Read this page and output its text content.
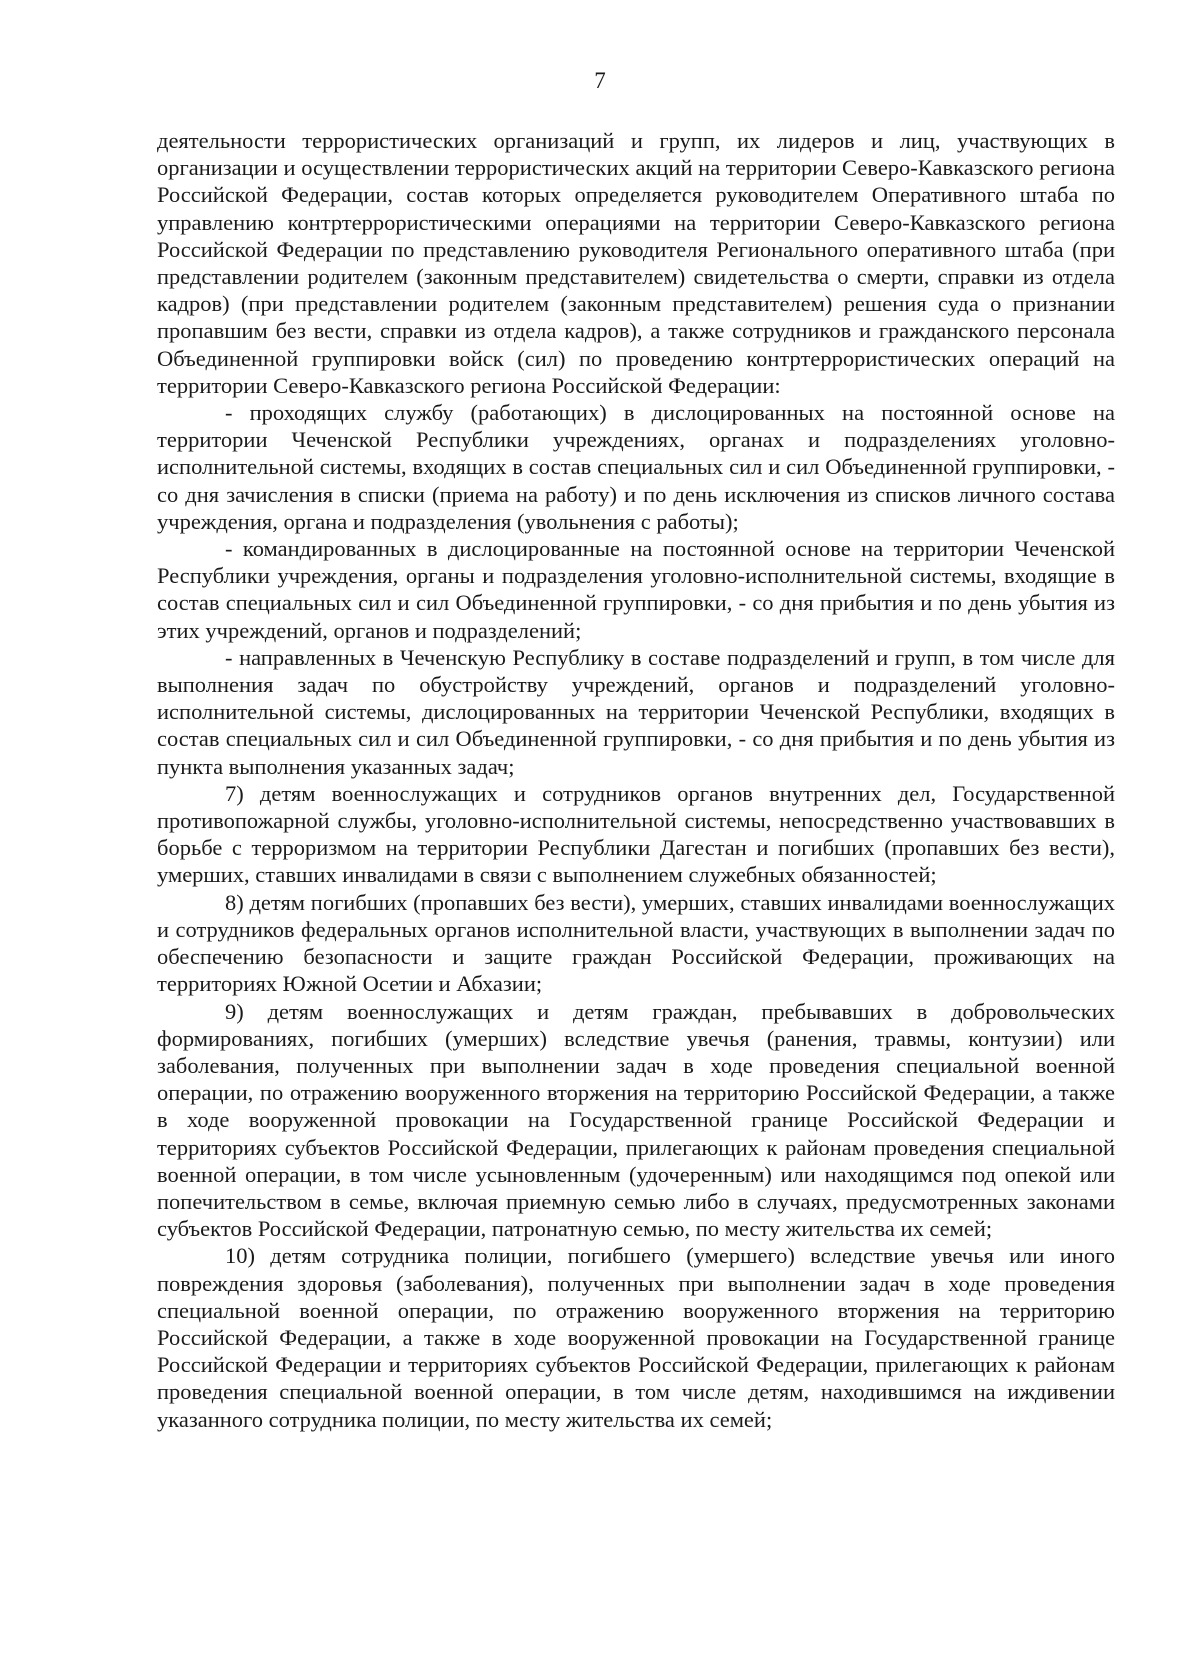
7

деятельности террористических организаций и групп, их лидеров и лиц, участвующих в организации и осуществлении террористических акций на территории Северо-Кавказского региона Российской Федерации, состав которых определяется руководителем Оперативного штаба по управлению контртеррористическими операциями на территории Северо-Кавказского региона Российской Федерации по представлению руководителя Регионального оперативного штаба (при представлении родителем (законным представителем) свидетельства о смерти, справки из отдела кадров) (при представлении родителем (законным представителем) решения суда о признании пропавшим без вести, справки из отдела кадров), а также сотрудников и гражданского персонала Объединенной группировки войск (сил) по проведению контртеррористических операций на территории Северо-Кавказского региона Российской Федерации:

- проходящих службу (работающих) в дислоцированных на постоянной основе на территории Чеченской Республики учреждениях, органах и подразделениях уголовно-исполнительной системы, входящих в состав специальных сил и сил Объединенной группировки, - со дня зачисления в списки (приема на работу) и по день исключения из списков личного состава учреждения, органа и подразделения (увольнения с работы);

- командированных в дислоцированные на постоянной основе на территории Чеченской Республики учреждения, органы и подразделения уголовно-исполнительной системы, входящие в состав специальных сил и сил Объединенной группировки, - со дня прибытия и по день убытия из этих учреждений, органов и подразделений;

- направленных в Чеченскую Республику в составе подразделений и групп, в том числе для выполнения задач по обустройству учреждений, органов и подразделений уголовно-исполнительной системы, дислоцированных на территории Чеченской Республики, входящих в состав специальных сил и сил Объединенной группировки, - со дня прибытия и по день убытия из пункта выполнения указанных задач;

7) детям военнослужащих и сотрудников органов внутренних дел, Государственной противопожарной службы, уголовно-исполнительной системы, непосредственно участвовавших в борьбе с терроризмом на территории Республики Дагестан и погибших (пропавших без вести), умерших, ставших инвалидами в связи с выполнением служебных обязанностей;

8) детям погибших (пропавших без вести), умерших, ставших инвалидами военнослужащих и сотрудников федеральных органов исполнительной власти, участвующих в выполнении задач по обеспечению безопасности и защите граждан Российской Федерации, проживающих на территориях Южной Осетии и Абхазии;

9) детям военнослужащих и детям граждан, пребывавших в добровольческих формированиях, погибших (умерших) вследствие увечья (ранения, травмы, контузии) или заболевания, полученных при выполнении задач в ходе проведения специальной военной операции, по отражению вооруженного вторжения на территорию Российской Федерации, а также в ходе вооруженной провокации на Государственной границе Российской Федерации и территориях субъектов Российской Федерации, прилегающих к районам проведения специальной военной операции, в том числе усыновленным (удочеренным) или находящимся под опекой или попечительством в семье, включая приемную семью либо в случаях, предусмотренных законами субъектов Российской Федерации, патронатную семью, по месту жительства их семей;

10) детям сотрудника полиции, погибшего (умершего) вследствие увечья или иного повреждения здоровья (заболевания), полученных при выполнении задач в ходе проведения специальной военной операции, по отражению вооруженного вторжения на территорию Российской Федерации, а также в ходе вооруженной провокации на Государственной границе Российской Федерации и территориях субъектов Российской Федерации, прилегающих к районам проведения специальной военной операции, в том числе детям, находившимся на иждивении указанного сотрудника полиции, по месту жительства их семей;
